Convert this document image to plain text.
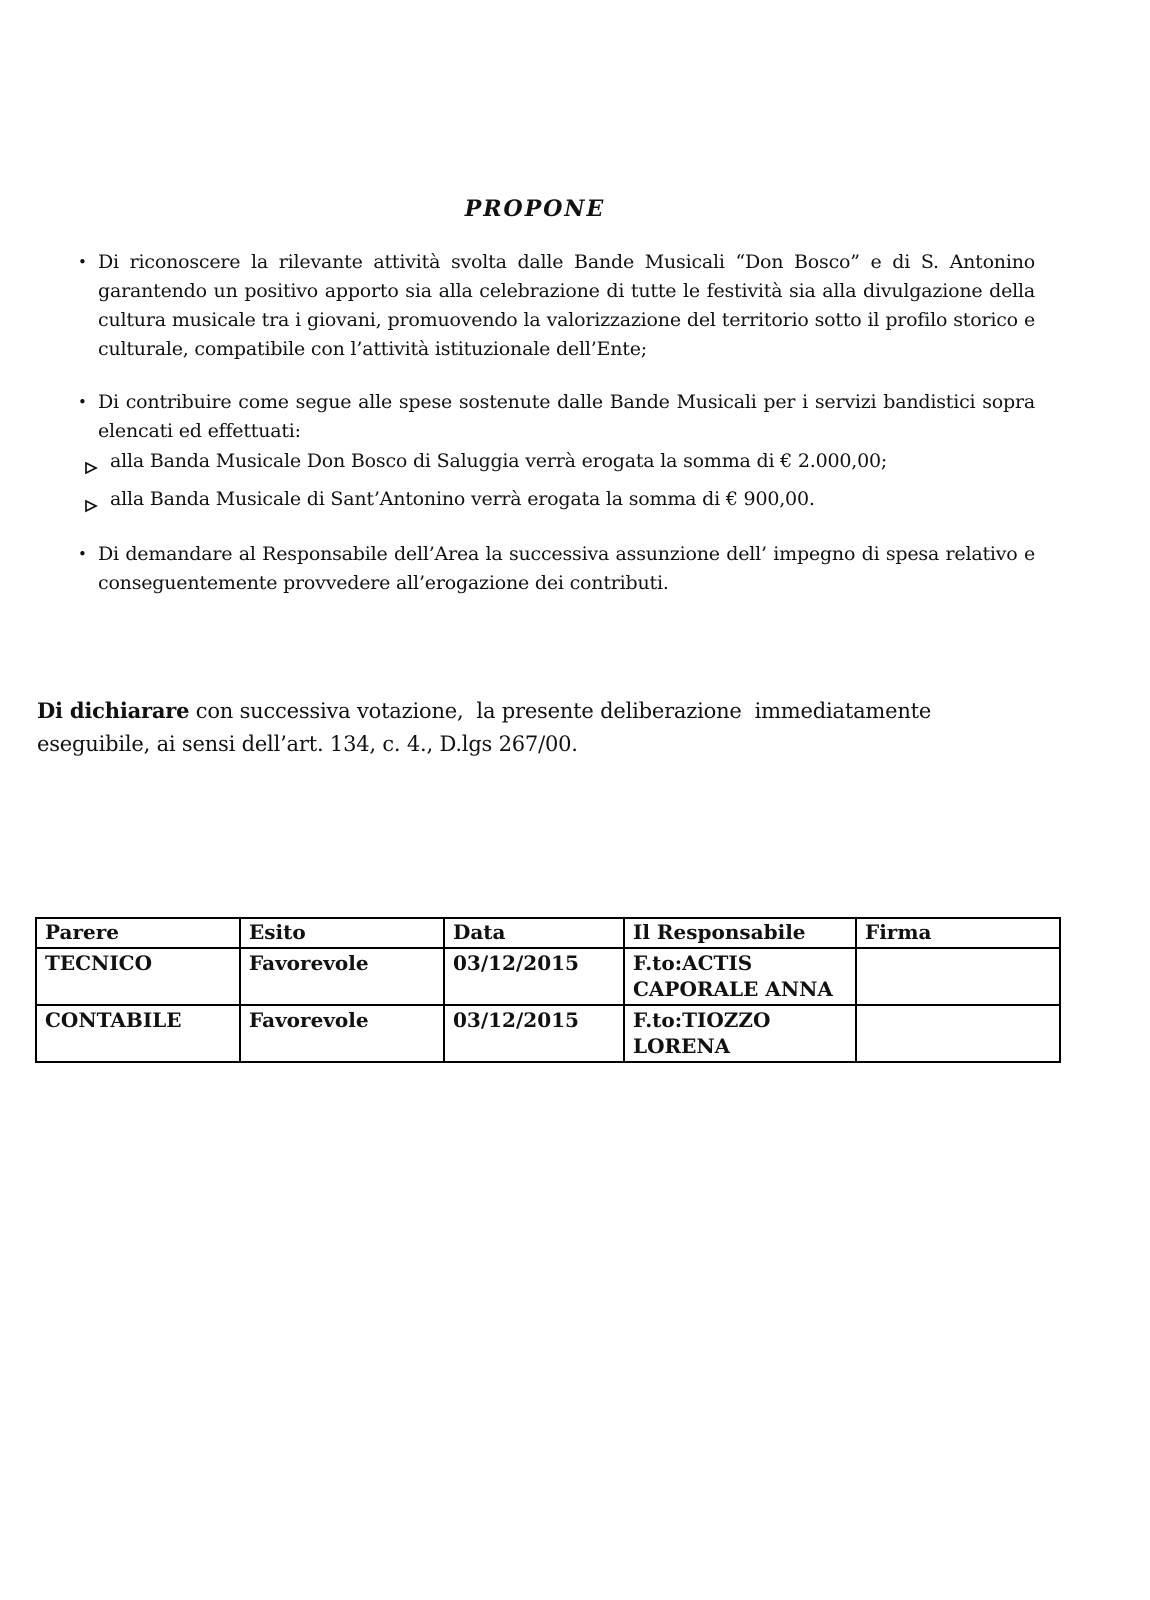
PROPONE
• Di riconoscere la rilevante attività svolta dalle Bande Musicali “Don Bosco” e di S. Antonino garantendo un positivo apporto sia alla celebrazione di tutte le festività sia alla divulgazione della cultura musicale tra i giovani, promuovendo la valorizzazione del territorio sotto il profilo storico e culturale, compatibile con l’attività istituzionale dell’Ente;
• Di contribuire come segue alle spese sostenute dalle Bande Musicali per i servizi bandistici sopra elencati ed effettuati:
alla Banda Musicale Don Bosco di Saluggia verrà erogata la somma di € 2.000,00;
alla Banda Musicale di Sant’Antonino verrà erogata la somma di € 900,00.
• Di demandare al Responsabile dell’Area la successiva assunzione dell’ impegno di spesa relativo e conseguentemente provvedere all’erogazione dei contributi.
Di dichiarare con successiva votazione,  la presente deliberazione  immediatamente eseguibile, ai sensi dell’art. 134, c. 4., D.lgs 267/00.
Parere	Esito	Data	Il Responsabile	Firma
TECNICO	Favorevole	03/12/2015	F.to:ACTIS CAPORALE ANNA	
CONTABILE	Favorevole	03/12/2015	F.to:TIOZZO LORENA	
